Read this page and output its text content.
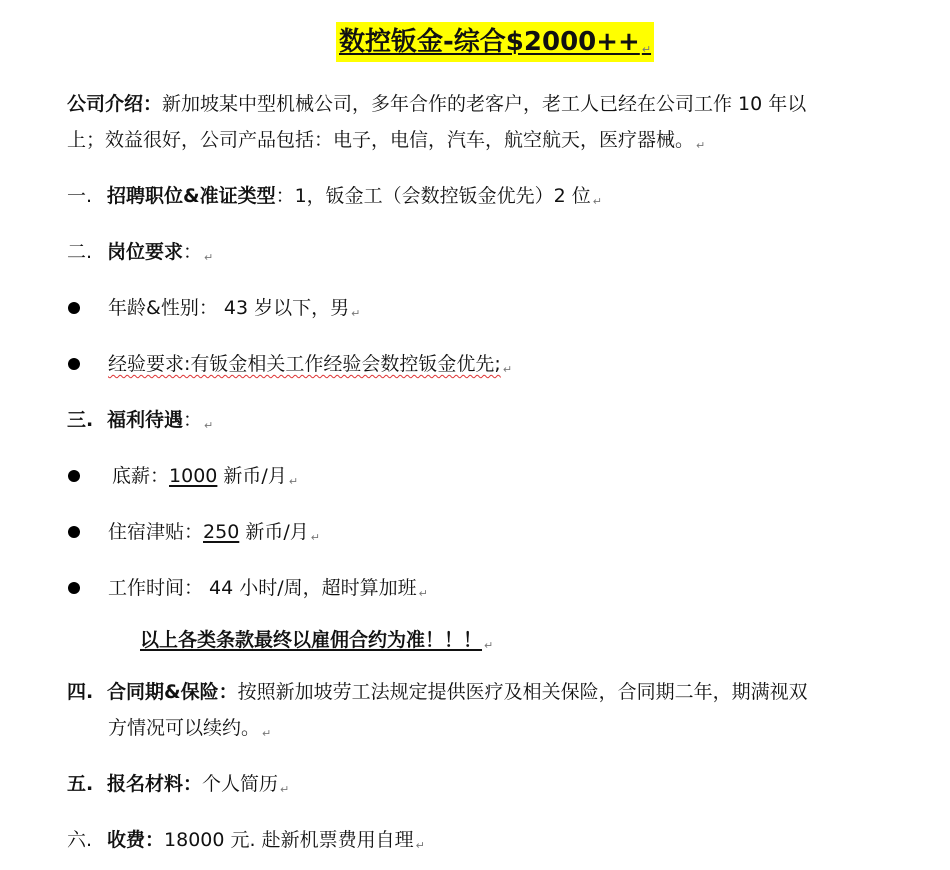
数控钣金-综合$2000++ ↵
公司介绍：新加坡某中型机械公司，多年合作的老客户，老工人已经在公司工作 10 年以
上；效益很好，公司产品包括：电子，电信，汽车，航空航天，医疗器械。 ↵
一. 招聘职位&准证类型：1，钣金工（会数控钣金优先）2 位 ↵
二. 岗位要求： ↵
年龄&性别： 43 岁以下，男 ↵
经验要求:有钣金相关工作经验会数控钣金优先; ↵
三. 福利待遇： ↵
底薪：1000 新币/月 ↵
住宿津贴：250 新币/月 ↵
工作时间： 44 小时/周，超时算加班 ↵
以上各类条款最终以雇佣合约为准！！！ ↵
四. 合同期&保险：按照新加坡劳工法规定提供医疗及相关保险，合同期二年，期满视双
方情况可以续约。 ↵
五. 报名材料：个人简历 ↵
六. 收费：18000 元. 赴新机票费用自理 ↵
